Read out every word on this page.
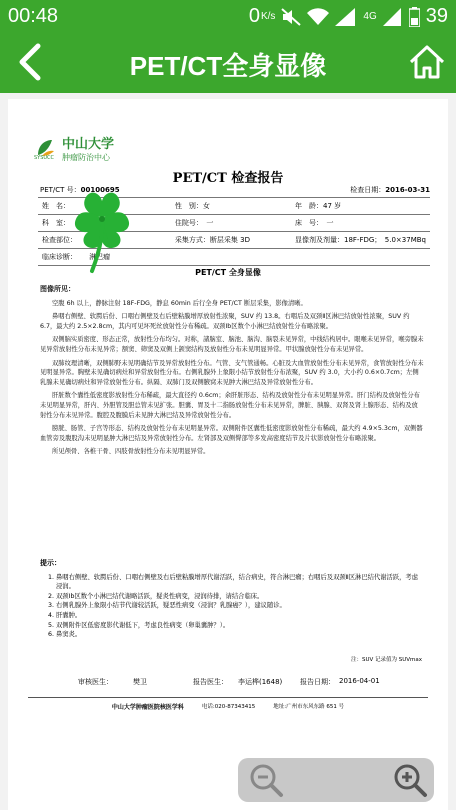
00:48	0 K/s	4G 39
PET/CT全身显像
中山大学
肿瘤防治中心
SYSUCC
PET/CT 检查报告
PET/CT 号：00100695	检查日期：2016-03-31
姓　名：		性　别：女	年　龄：47 岁
科　室：		住院号：　一	床　号：　一
检查部位：		采集方式：断层采集 3D	显像剂及剂量：18F-FDG；　5.0×37MBq
临床诊断：	淋巴瘤		
PET/CT 全身显像

图像所见：

空腹 6h 以上，静脉注射 18F-FDG，静息 60min 后行全身 PET/CT 断层采集，影像清晰。

鼻咽右侧壁、软腭后份、口咽右侧壁及右后壁粘膜增厚放射性浓聚，SUV 约 13.8。右咽后及双颈Ⅱ区淋巴结放射性浓聚，SUV 约 6.7，最大约 2.5×2.8cm，其内可见坏死丝放射性分布稀疏。双颈Ⅰb区数个小淋巴结放射性分布略浓聚。

双侧脑实质密度、形态正常，放射性分布均匀。对称，諸脑室、脑池、脑沟、脑裂未见异常，中线结构居中。眼喉未见异常，喉旁腺未见异常放射性分布未见异常；额窦、筛窦及双侧上颌窦结构及放射性分布未见明显异常。甲状腺放射性分布未见异常。

双肺纹理清晰，双侧肺野未见明确结节及异常放射性分布。气管、支气管通畅。心脏及大血管放射性分布未见异常，食管放射性分布未见明显异常。胸壁未见确切病灶和异常放射性分布。右侧乳腺外上象限小结节放射性分布浓聚，SUV 约 3.0，大小约 0.6×0.7cm；左侧乳腺未见确切病灶和异常放射性分布。纵隔、双肺门及双侧腋窝未见肿大淋巴结及异常放射性分布。

肝脏数个囊性低密度影放射性分布稀疏，最大直径约 0.6cm；余肝脏形态、结构及放射性分布未见明显异常。肝门结构及放射性分布未见明显异常，肝内、外胆管及胆总管未见扩张。胆囊、胃及十二指肠放射性分布未见异常，脾脏、胰腺、双肾及肾上腺形态、结构及放射性分布未见异常。腹腔及腹膜后未见肿大淋巴结及异常放射性分布。

膀胱、肠管、子宫等形态、结构及放射性分布未见明显异常。双侧附件区囊性低密度影放射性分布稀疏，最大约 4.9×5.3cm，双侧髂血管旁及腹股沟未见明显肿大淋巴结及异常放射性分布。左肾部及双侧臀部等多发高密度结节及片状影放射性分布略浓聚。

所见颅骨、各椎干骨、四肢骨放射性分布未见明显异常。

提示：
1. 鼻咽右侧壁、软腭后份、口咽右侧壁及右后壁粘膜增厚代谢活跃，结合病史，符合淋巴瘤；右咽后及双颈Ⅱ区淋巴结代谢活跃，考虑浸润。
2. 双颈Ⅰb区数个小淋巴结代谢略活跃，疑炎性病变，浸润待排，请结合临床。
3. 右侧乳腺外上象限小结节代谢较活跃，疑恶性病变（浸润？乳腺癌？），建议随诊。
4. 肝囊肿。
5. 双侧附件区低密度影代谢低下，考虑良性病变（卵巢囊肿？）。
6. 鼻窦炎。
注：SUV 记录值为 SUVmax
审核医生：	樊卫	报告医生： 李运桦(1648)	报告日期： 2016-04-01
中山大学肿瘤医院核医学科	电话:020-87343415	地址:广州市东风东路 651 号
